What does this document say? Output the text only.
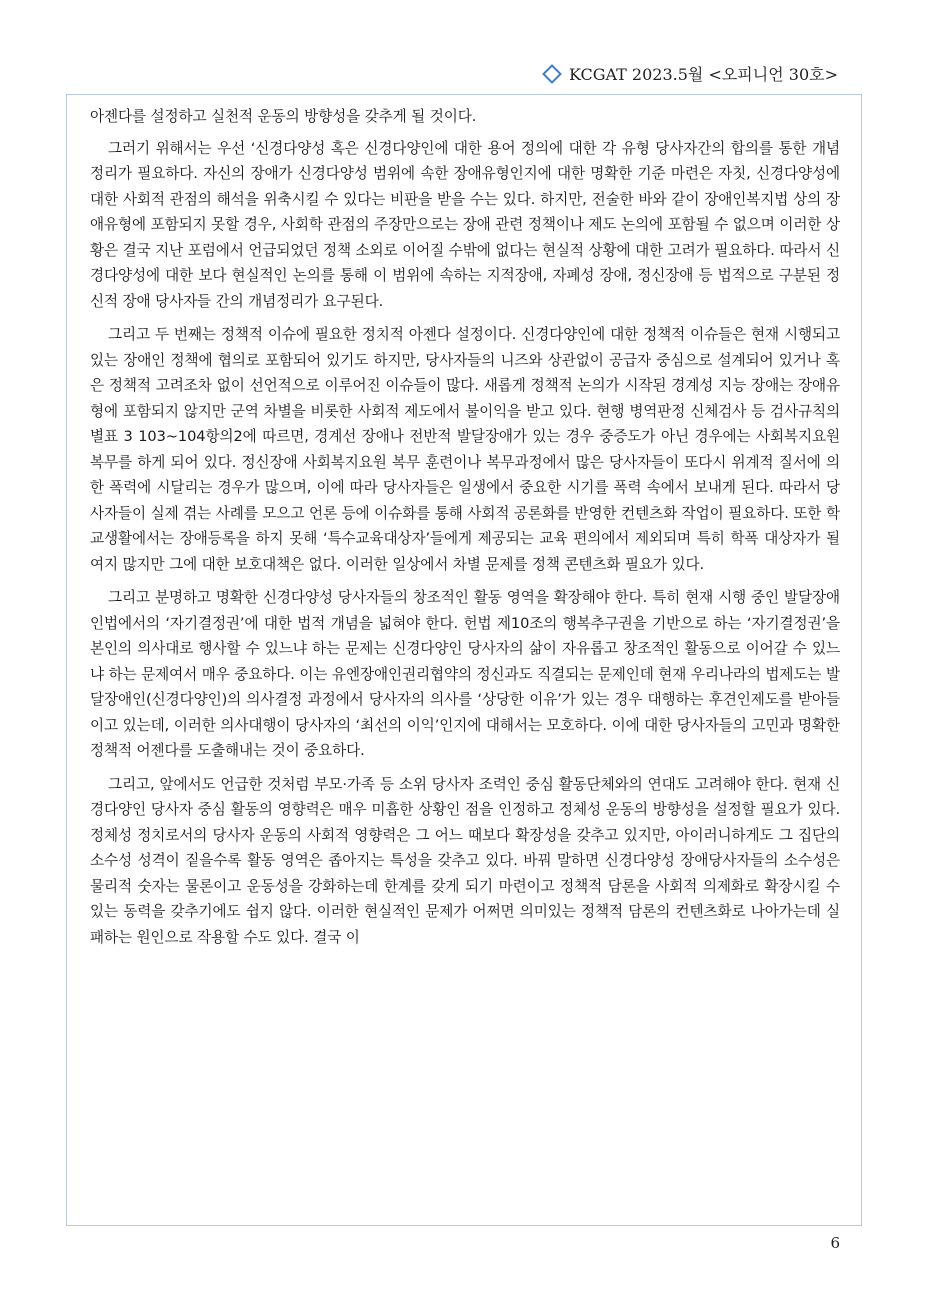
KCGAT 2023.5월 <오피니언 30호>

아젠다를 설정하고 실천적 운동의 방향성을 갖추게 될 것이다.

그러기 위해서는 우선 ‘신경다양성 혹은 신경다양인에 대한 용어 정의에 대한 각 유형 당사자간의 합의를 통한 개념 정리가 필요하다. 자신의 장애가 신경다양성 범위에 속한 장애유형인지에 대한 명확한 기준 마련은 자칫, 신경다양성에 대한 사회적 관점의 해석을 위축시킬 수 있다는 비판을 받을 수는 있다. 하지만, 전술한 바와 같이 장애인복지법 상의 장애유형에 포함되지 못할 경우, 사회학 관점의 주장만으로는 장애 관련 정책이나 제도 논의에 포함될 수 없으며 이러한 상황은 결국 지난 포럼에서 언급되었던 정책 소외로 이어질 수밖에 없다는 현실적 상황에 대한 고려가 필요하다. 따라서 신경다양성에 대한 보다 현실적인 논의를 통해 이 범위에 속하는 지적장애, 자폐성 장애, 정신장애 등 법적으로 구분된 정신적 장애 당사자들 간의 개념정리가 요구된다.

그리고 두 번째는 정책적 이슈에 필요한 정치적 아젠다 설정이다. 신경다양인에 대한 정책적 이슈들은 현재 시행되고 있는 장애인 정책에 협의로 포함되어 있기도 하지만, 당사자들의 니즈와 상관없이 공급자 중심으로 설계되어 있거나 혹은 정책적 고려조차 없이 선언적으로 이루어진 이슈들이 많다. 새롭게 정책적 논의가 시작된 경계성 지능 장애는 장애유형에 포함되지 않지만 군역 차별을 비롯한 사회적 제도에서 불이익을 받고 있다. 현행 병역판정 신체검사 등 검사규칙의 별표 3 103~104항의2에 따르면, 경계선 장애나 전반적 발달장애가 있는 경우 중증도가 아닌 경우에는 사회복지요원 복무를 하게 되어 있다. 정신장애 사회복지요원 복무 훈련이나 복무과정에서 많은 당사자들이 또다시 위계적 질서에 의한 폭력에 시달리는 경우가 많으며, 이에 따라 당사자들은 일생에서 중요한 시기를 폭력 속에서 보내게 된다. 따라서 당사자들이 실제 겪는 사례를 모으고 언론 등에 이슈화를 통해 사회적 공론화를 반영한 컨텐츠화 작업이 필요하다. 또한 학교생활에서는 장애등록을 하지 못해 ‘특수교육대상자’들에게 제공되는 교육 편의에서 제외되며 특히 학폭 대상자가 될 여지 많지만 그에 대한 보호대책은 없다. 이러한 일상에서 차별 문제를 정책 콘텐츠화 필요가 있다.

그리고 분명하고 명확한 신경다양성 당사자들의 창조적인 활동 영역을 확장해야 한다. 특히 현재 시행 중인 발달장애인법에서의 ‘자기결정권’에 대한 법적 개념을 넓혀야 한다. 헌법 제10조의 행복추구권을 기반으로 하는 ‘자기결정권’을 본인의 의사대로 행사할 수 있느냐 하는 문제는 신경다양인 당사자의 삶이 자유롭고 창조적인 활동으로 이어갈 수 있느냐 하는 문제여서 매우 중요하다. 이는 유엔장애인권리협약의 정신과도 직결되는 문제인데 현재 우리나라의 법제도는 발달장애인(신경다양인)의 의사결정 과정에서 당사자의 의사를 ‘상당한 이유’가 있는 경우 대행하는 후견인제도를 받아들이고 있는데, 이러한 의사대행이 당사자의 ‘최선의 이익’인지에 대해서는 모호하다. 이에 대한 당사자들의 고민과 명확한 정책적 어젠다를 도출해내는 것이 중요하다.

그리고, 앞에서도 언급한 것처럼 부모·가족 등 소위 당사자 조력인 중심 활동단체와의 연대도 고려해야 한다. 현재 신경다양인 당사자 중심 활동의 영향력은 매우 미흡한 상황인 점을 인정하고 정체성 운동의 방향성을 설정할 필요가 있다. 정체성 정치로서의 당사자 운동의 사회적 영향력은 그 어느 때보다 확장성을 갖추고 있지만, 아이러니하게도 그 집단의 소수성 성격이 짙을수록 활동 영역은 좁아지는 특성을 갖추고 있다. 바꿔 말하면 신경다양성 장애당사자들의 소수성은 물리적 숫자는 물론이고 운동성을 강화하는데 한계를 갖게 되기 마련이고 정책적 담론을 사회적 의제화로 확장시킬 수 있는 동력을 갖추기에도 쉽지 않다. 이러한 현실적인 문제가 어쩌면 의미있는 정책적 담론의 컨텐츠화로 나아가는데 실패하는 원인으로 작용할 수도 있다. 결국 이

6
